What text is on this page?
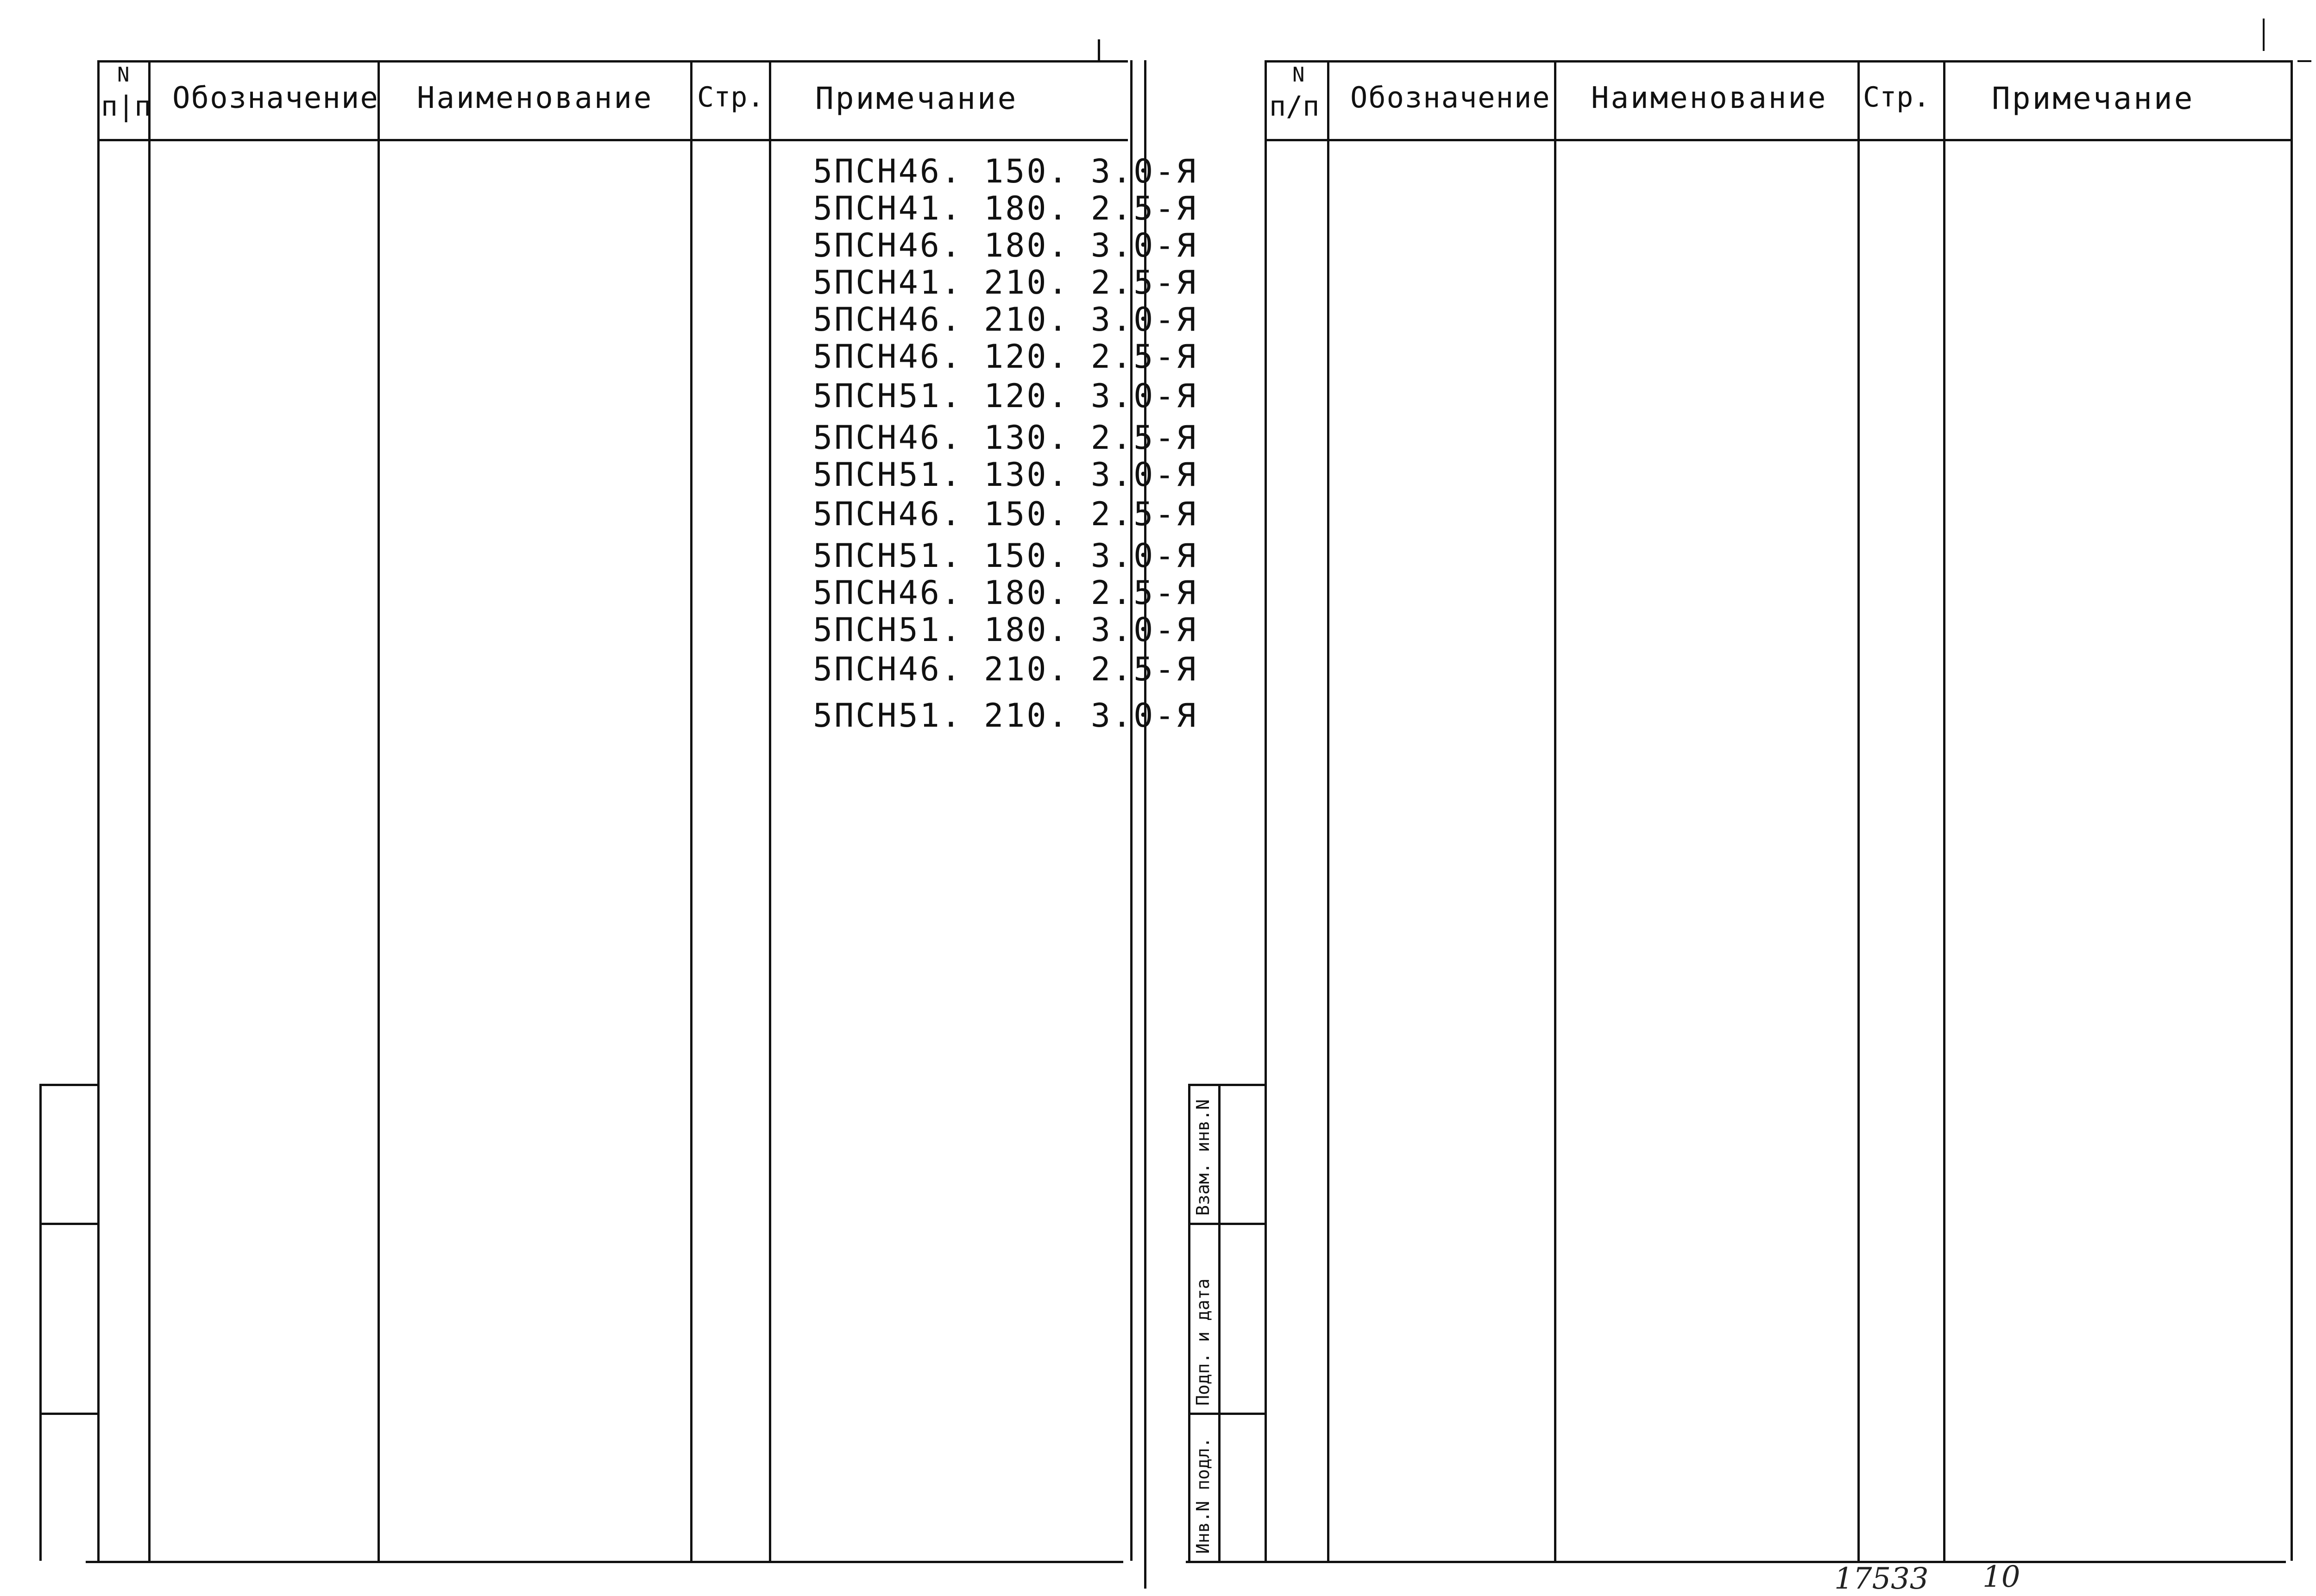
N
п|п Обозначение Наименование Стр. Примечание
5ПСН46. 150. 3.0-Я
5ПСН41. 180. 2.5-Я
5ПСН46. 180. 3.0-Я
5ПСН41. 210. 2.5-Я
5ПСН46. 210. 3.0-Я
5ПСН46. 120. 2.5-Я
5ПСН51. 120. 3.0-Я
5ПСН46. 130. 2.5-Я
5ПСН51. 130. 3.0-Я
5ПСН46. 150. 2.5-Я
5ПСН51. 150. 3.0-Я
5ПСН46. 180. 2.5-Я
5ПСН51. 180. 3.0-Я
5ПСН46. 210. 2.5-Я
5ПСН51. 210. 3.0-Я
Инв.N подл.
Подп. и дата
Взам. инв.N
N
п/п Обозначение Наименование Стр. Примечание
17533 10
